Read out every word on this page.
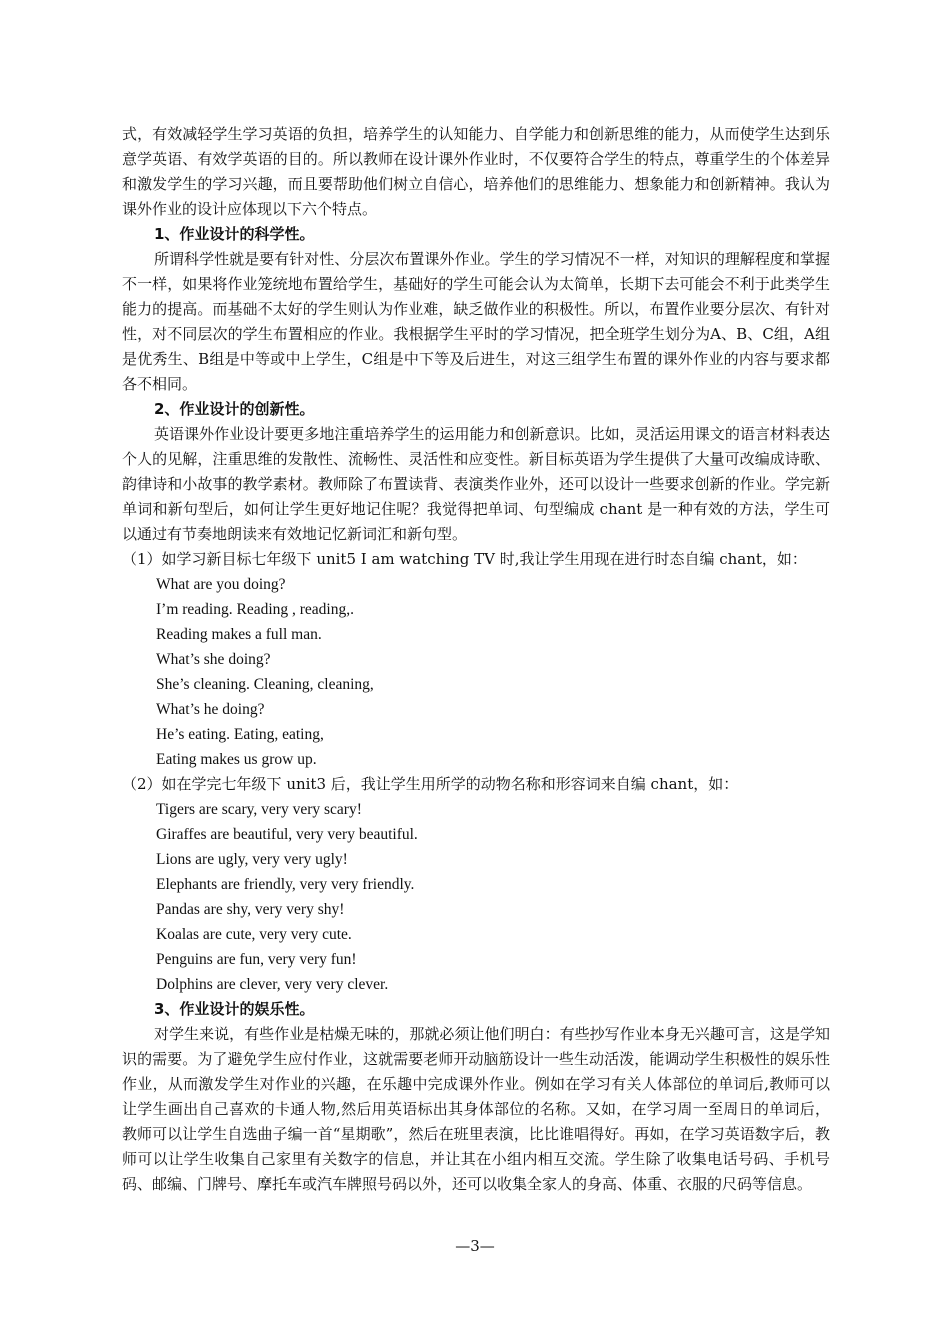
式，有效减轻学生学习英语的负担，培养学生的认知能力、自学能力和创新思维的能力，从而使学生达到乐意学英语、有效学英语的目的。所以教师在设计课外作业时，不仅要符合学生的特点，尊重学生的个体差异和激发学生的学习兴趣，而且要帮助他们树立自信心，培养他们的思维能力、想象能力和创新精神。我认为课外作业的设计应体现以下六个特点。

1、作业设计的科学性。

所谓科学性就是要有针对性、分层次布置课外作业。学生的学习情况不一样，对知识的理解程度和掌握不一样，如果将作业笼统地布置给学生，基础好的学生可能会认为太简单，长期下去可能会不利于此类学生能力的提高。而基础不太好的学生则认为作业难，缺乏做作业的积极性。所以，布置作业要分层次、有针对性，对不同层次的学生布置相应的作业。我根据学生平时的学习情况，把全班学生划分为A、B、C组，A组是优秀生、B组是中等或中上学生，C组是中下等及后进生，对这三组学生布置的课外作业的内容与要求都各不相同。

2、作业设计的创新性。

英语课外作业设计要更多地注重培养学生的运用能力和创新意识。比如，灵活运用课文的语言材料表达个人的见解，注重思维的发散性、流畅性、灵活性和应变性。新目标英语为学生提供了大量可改编成诗歌、韵律诗和小故事的教学素材。教师除了布置读背、表演类作业外，还可以设计一些要求创新的作业。学完新单词和新句型后，如何让学生更好地记住呢？我觉得把单词、句型编成 chant 是一种有效的方法，学生可以通过有节奏地朗读来有效地记忆新词汇和新句型。

（1）如学习新目标七年级下 unit5 I am watching TV 时,我让学生用现在进行时态自编 chant，如：

What are you doing?

I’m reading. Reading , reading,.

Reading makes a full man.

What’s she doing?

She’s cleaning. Cleaning, cleaning,

What’s he doing?

He’s eating. Eating, eating,

Eating makes us grow up.

（2）如在学完七年级下 unit3 后，我让学生用所学的动物名称和形容词来自编 chant，如：

Tigers are scary, very very scary!

Giraffes are beautiful, very very beautiful.

Lions are ugly, very very ugly!

Elephants are friendly, very very friendly.

Pandas are shy, very very shy!

Koalas are cute, very very cute.

Penguins are fun, very very fun!

Dolphins are clever, very very clever.

3、作业设计的娱乐性。

对学生来说，有些作业是枯燥无味的，那就必须让他们明白：有些抄写作业本身无兴趣可言，这是学知识的需要。为了避免学生应付作业，这就需要老师开动脑筋设计一些生动活泼，能调动学生积极性的娱乐性作业，从而激发学生对作业的兴趣，在乐趣中完成课外作业。例如在学习有关人体部位的单词后,教师可以让学生画出自己喜欢的卡通人物,然后用英语标出其身体部位的名称。又如，在学习周一至周日的单词后，教师可以让学生自选曲子编一首“星期歌”，然后在班里表演，比比谁唱得好。再如，在学习英语数字后，教师可以让学生收集自己家里有关数字的信息，并让其在小组内相互交流。学生除了收集电话号码、手机号码、邮编、门牌号、摩托车或汽车牌照号码以外，还可以收集全家人的身高、体重、衣服的尺码等信息。

—3—
